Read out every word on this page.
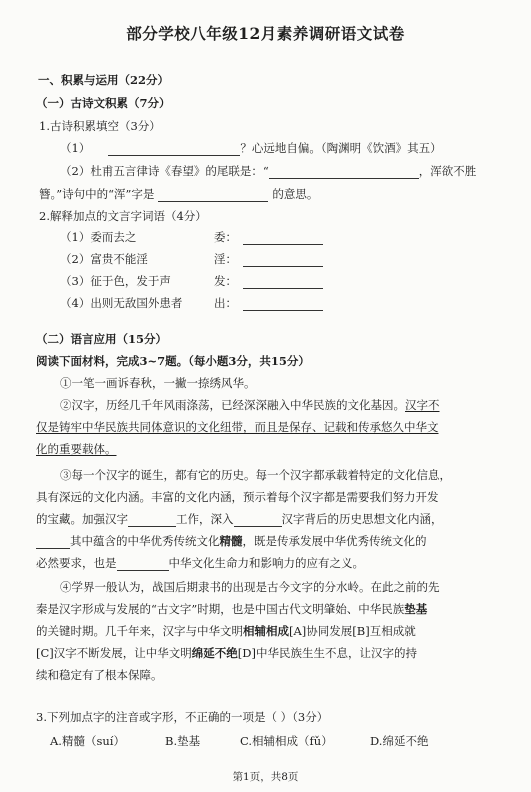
部分学校八年级12月素养调研语文试卷
一、积累与运用（22分）
（一）古诗文积累（7分）
1.古诗积累填空（3分）
（1）	？心远地自偏。（陶渊明《饮酒》其五）
（2）杜甫五言律诗《春望》的尾联是：“	，浑欲不胜
簪。”诗句中的“浑”字是	的意思。
2.解释加点的文言字词语（4分）
（1）委而去之	委：
（2）富贵不能淫	淫：
（3）征于色，发于声	发：
（4）出则无敌国外患者	出：
（二）语言应用（15分）
阅读下面材料，完成3~7题。（每小题3分，共15分）
①一笔一画诉春秋，一撇一捺绣风华。
②汉字，历经几千年风雨涤荡，已经深深融入中华民族的文化基因。汉字不
仅是铸牢中华民族共同体意识的文化纽带，而且是保存、记载和传承悠久中华文
化的重要载体。
③每一个汉字的诞生，都有它的历史。每一个汉字都承载着特定的文化信息，
具有深远的文化内涵。丰富的文化内涵，预示着每个汉字都是需要我们努力开发
的宝藏。加强汉字	工作，深入	汉字背后的历史思想文化内涵，
其中蕴含的中华优秀传统文化精髓，既是传承发展中华优秀传统文化的
必然要求，也是	中华文化生命力和影响力的应有之义。
④学界一般认为，战国后期隶书的出现是古今文字的分水岭。在此之前的先
秦是汉字形成与发展的“古文字”时期，也是中国古代文明肇始、中华民族垫基
的关键时期。几千年来，汉字与中华文明相辅相成[A]协同发展[B]互相成就
[C]汉字不断发展，让中华文明绵延不绝[D]中华民族生生不息，让汉字的持
续和稳定有了根本保障。
3.下列加点字的注音或字形，不正确的一项是（ ）（3分）
A.精髓（suí）	B.垫基	C.相辅相成（fǔ）	D.绵延不绝
第1页，共8页
